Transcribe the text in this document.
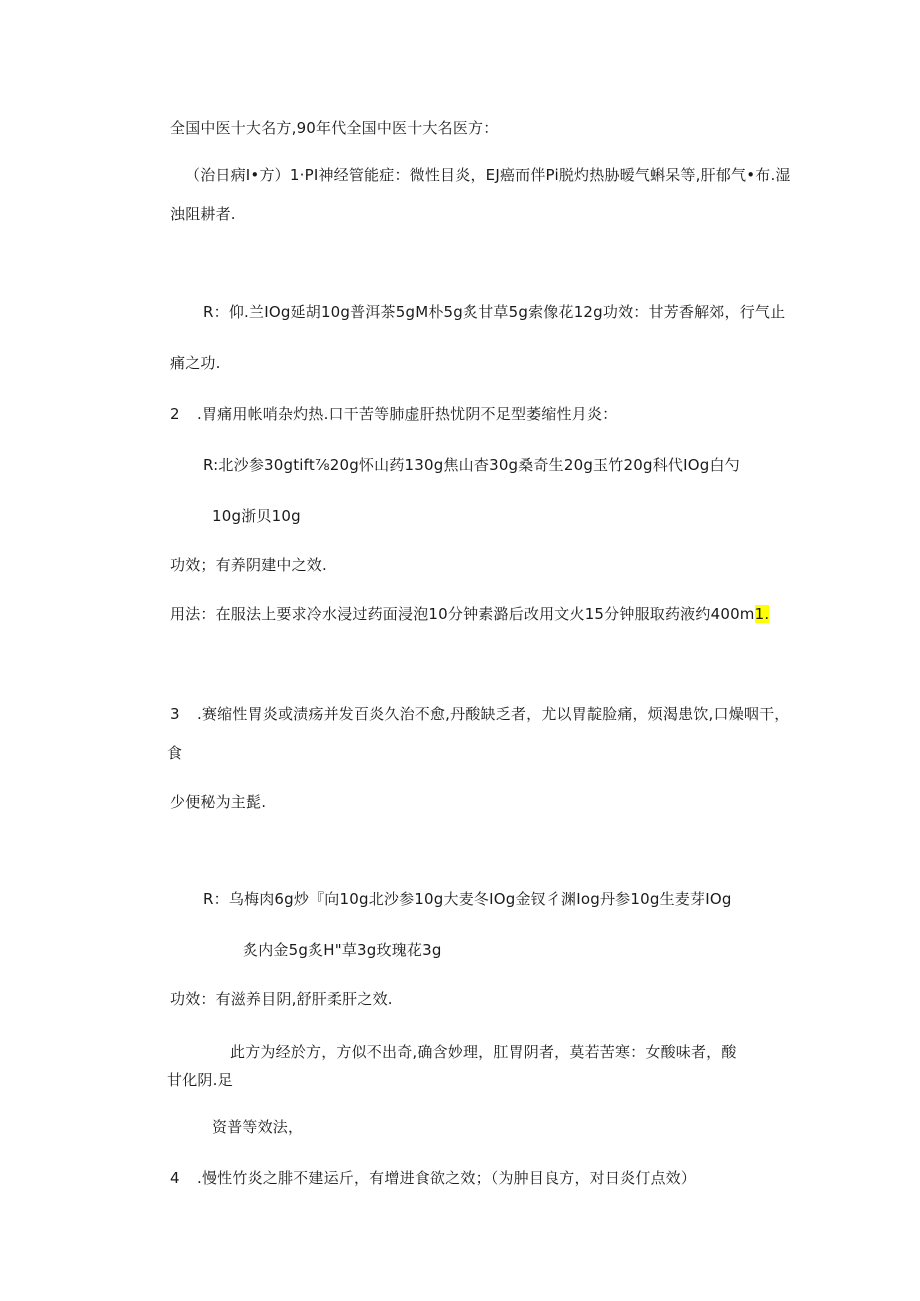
全国中医十大名方,90年代全国中医十大名医方：
（治日病I•方）1·PI神经管能症：微性目炎，EJ癌而伴Pi脱灼热胁暧气蝌呆等,肝郁气•布.湿
浊阻耕者.
R：仰.兰IOg延胡10g普洱茶5gM朴5g炙甘草5g索像花12g功效：甘芳香解郊，行气止
痛之功.
2 .胃痛用帐哨杂灼热.口干苦等肺虚肝热忧阴不足型萎缩性月炎：
R:北沙参30gtift⅞20g怀山药130g焦山杳30g桑奇生20g玉竹20g科代IOg白勺
10g浙贝10g
功效；有养阴建中之效.
用法：在服法上要求冷水浸过药面浸泡10分钟素潞后改用文火15分钟服取药液约400m1.
3 .赛缩性胃炎或渍疡并发百炎久治不愈,丹酸缺乏者，尤以胃靛脸痛，烦渴患饮,口燥咽干，
食
少便秘为主髭.
R：乌梅肉6g炒『向10g北沙参10g大麦冬IOg金钗彳渊Iog丹参10g生麦芽IOg
炙内金5g炙H"草3g玫瑰花3g
功效：有滋养目阴,舒肝柔肝之效.
此方为经於方，方似不出奇,确含妙理，肛胃阴者，莫若苦寒：女酸味者，酸
甘化阴.足
资普等效法，
4 .慢性竹炎之腓不建运斤，有增进食欲之效；（为肿目良方，对日炎仃点效）
